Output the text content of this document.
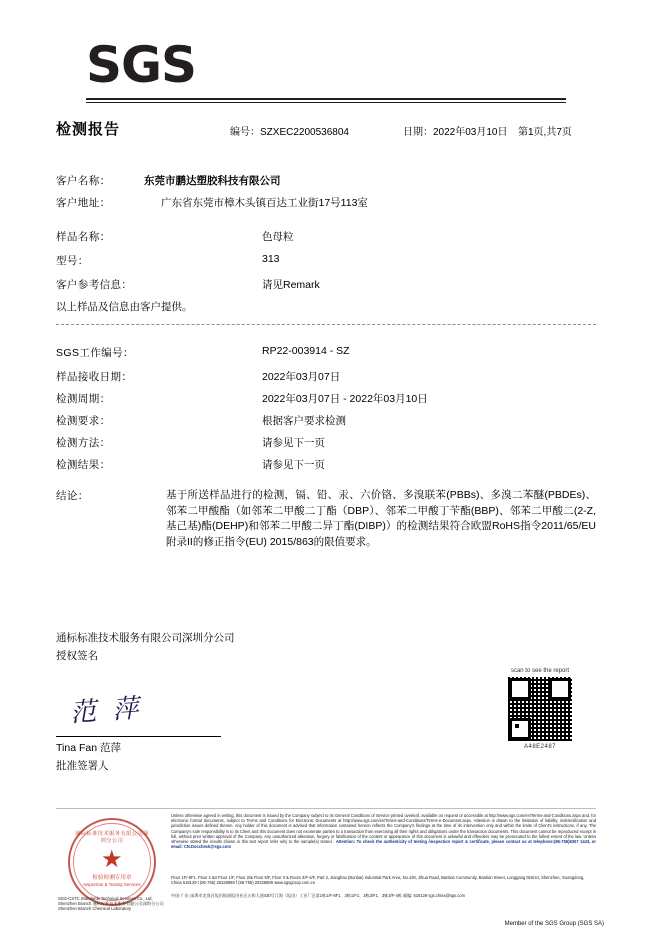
SGS
检测报告	编号：SZXEC2200536804	日期：2022年03月10日 第1页,共7页
客户名称：	东莞市鹏达塑胶科技有限公司
客户地址：	广东省东莞市樟木头镇百达工业街17号113室
样品名称：	色母粒
型号：	313
客户参考信息：	请见Remark
以上样品及信息由客户提供。
SGS工作编号：	RP22-003914 - SZ
样品接收日期：	2022年03月07日
检测周期：	2022年03月07日 - 2022年03月10日
检测要求：	根据客户要求检测
检测方法：	请参见下一页
检测结果：	请参见下一页
结论：	基于所送样品进行的检测，镉、铅、汞、六价铬、多溴联苯(PBBs)、多溴二苯醚(PBDEs)、邻苯二甲酸酯（如邻苯二甲酸二丁酯（DBP）、邻苯二甲酸丁苄酯(BBP)、邻苯二甲酸二(2-Z,基己基)酯(DEHP)和邻苯二甲酸二异丁酯(DIBP)）的检测结果符合欧盟RoHS指令2011/65/EU附录II的修正指令(EU) 2015/863的限值要求。
通标标准技术服务有限公司深圳分公司
授权签名
范 萍
Tina Fan 范萍
批准签署人
scan to see the report
A48E2487
通标标准技术服务有限公司深圳分公司
★
检验检测专用章
Inspection & Testing Services
SGS-CSTC Standards Technical Services Co., Ltd. Shenzhen Branch 通标标准技术服务有限公司深圳分公司 Shenzhen Branch Chemical Laboratory
Unless otherwise agreed in writing, this document is issued by the Company subject to its General Conditions of Service printed overleaf, available on request or accessible at http://www.sgs.com/en/Terms-and-Conditions.aspx and, for electronic format documents, subject to Terms and Conditions for Electronic Documents at http://www.sgs.com/en/Terms-and-Conditions/Terms-e-Document.aspx. Attention is drawn to the limitation of liability, indemnification and jurisdiction issues defined therein. Any holder of this document is advised that information contained hereon reflects the Company's findings at the time of its intervention only and within the limits of Client's instructions, if any. The Company's sole responsibility is to its Client and this document does not exonerate parties to a transaction from exercising all their rights and obligations under the transaction documents. This document cannot be reproduced except in full, without prior written approval of the Company. Any unauthorized alteration, forgery or falsification of the content or appearance of this document is unlawful and offenders may be prosecuted to the fullest extent of the law. Unless otherwise stated the results shown in this test report refer only to the sample(s) tested . Attention: To check the authenticity of testing /inspection report & certificate, please contact us at telephone:(86-755)8307 1443, or email: CN.Doccheck@sgs.com
Floor 1F/-8F1, Floor 2 &3 Floor 1/F, Floor 2/& Floor 5/F, Floor 3 & Room 3/F-4/F, Part 2, Jianghao (Bonbai) Industrial Park Area, No.430, Jihua Road, Bantian Community, Bantian Street, Longgang District, Shenzhen, Guangdong, China 518129 t (86-755) 25328888 f (86-755) 25328888 www.sgsgroup.com.cn
中国·广东·深圳市龙岗区坂田街道坂田社区五和大道430号江海（坂田）工业厂区第1栋1/F-8F1、3栋1/F1、3栋3/F1、3栋3/F-4栋 邮编: 518129 sgs.china@sgs.com
Member of the SGS Group (SGS SA)
